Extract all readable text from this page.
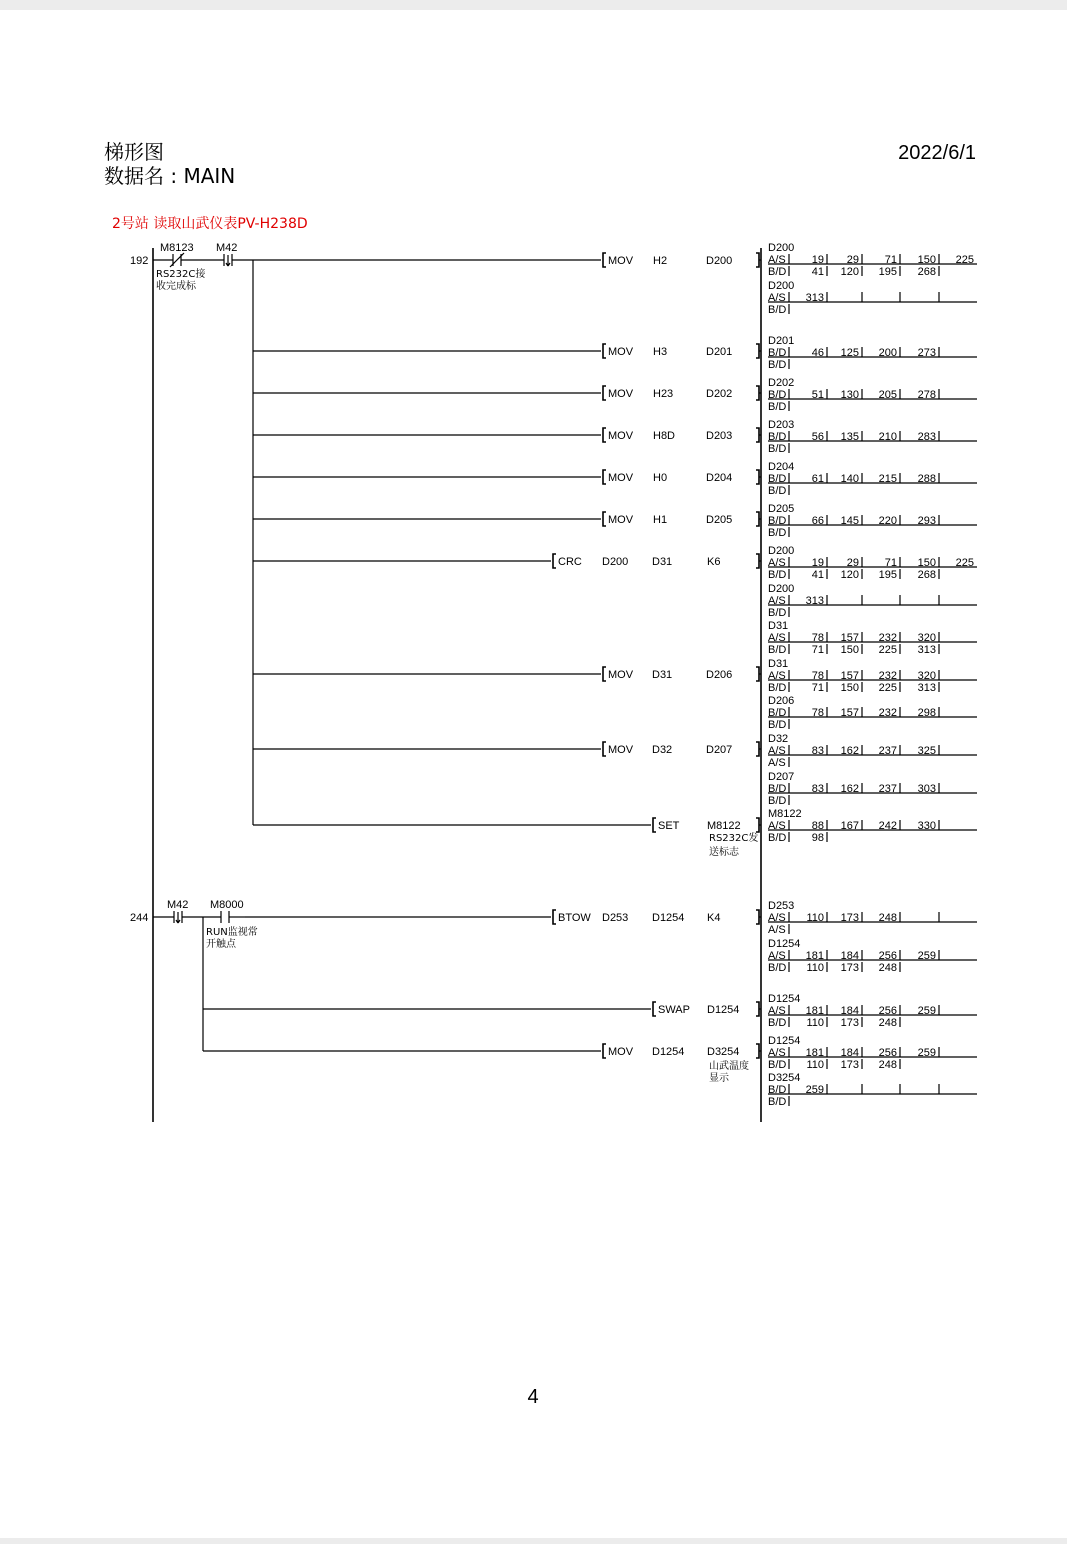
梯形图
数据名 : MAIN
2022/6/1
2号站 读取山武仪表PV-H238D
192
M8123 M42
RS232C接
收完成标
244
M42 M8000
RUN监视常
开触点
MOV H2	D200
MOV H3	D201
MOV H23	D202
MOV H8D	D203
MOV H0	D204
MOV H1	D205
CRC D200 D31	K6
MOV D31	D206
MOV D32	D207
SET	M8122
RS232C发
送标志
BTOW D253 D1254 K4
SWAP D1254
MOV D1254 D3254
山武温度
显示
D200
A/S 19 29 71 150 225
B/D 41 120 195 268
D200
A/S 313
B/D
D201
B/D 46 125 200 273
B/D
D202
B/D 51 130 205 278
B/D
D203
B/D 56 135 210 283
B/D
D204
B/D 61 140 215 288
B/D
D205
B/D 66 145 220 293
B/D
D200
A/S 19 29 71 150 225
B/D 41 120 195 268
D200
A/S 313
B/D
D31
A/S 78 157 232 320
B/D 71 150 225 313
D31
A/S 78 157 232 320
B/D 71 150 225 313
D206
B/D 78 157 232 298
B/D
D32
A/S 83 162 237 325
A/S
D207
B/D 83 162 237 303
B/D
M8122
A/S 88 167 242 330
B/D 98
D253
A/S 110 173 248
A/S
D1254
A/S 181 184 256 259
B/D 110 173 248
D1254
A/S 181 184 256 259
B/D 110 173 248
D1254
A/S 181 184 256 259
B/D 110 173 248
D3254
B/D 259
B/D
4
